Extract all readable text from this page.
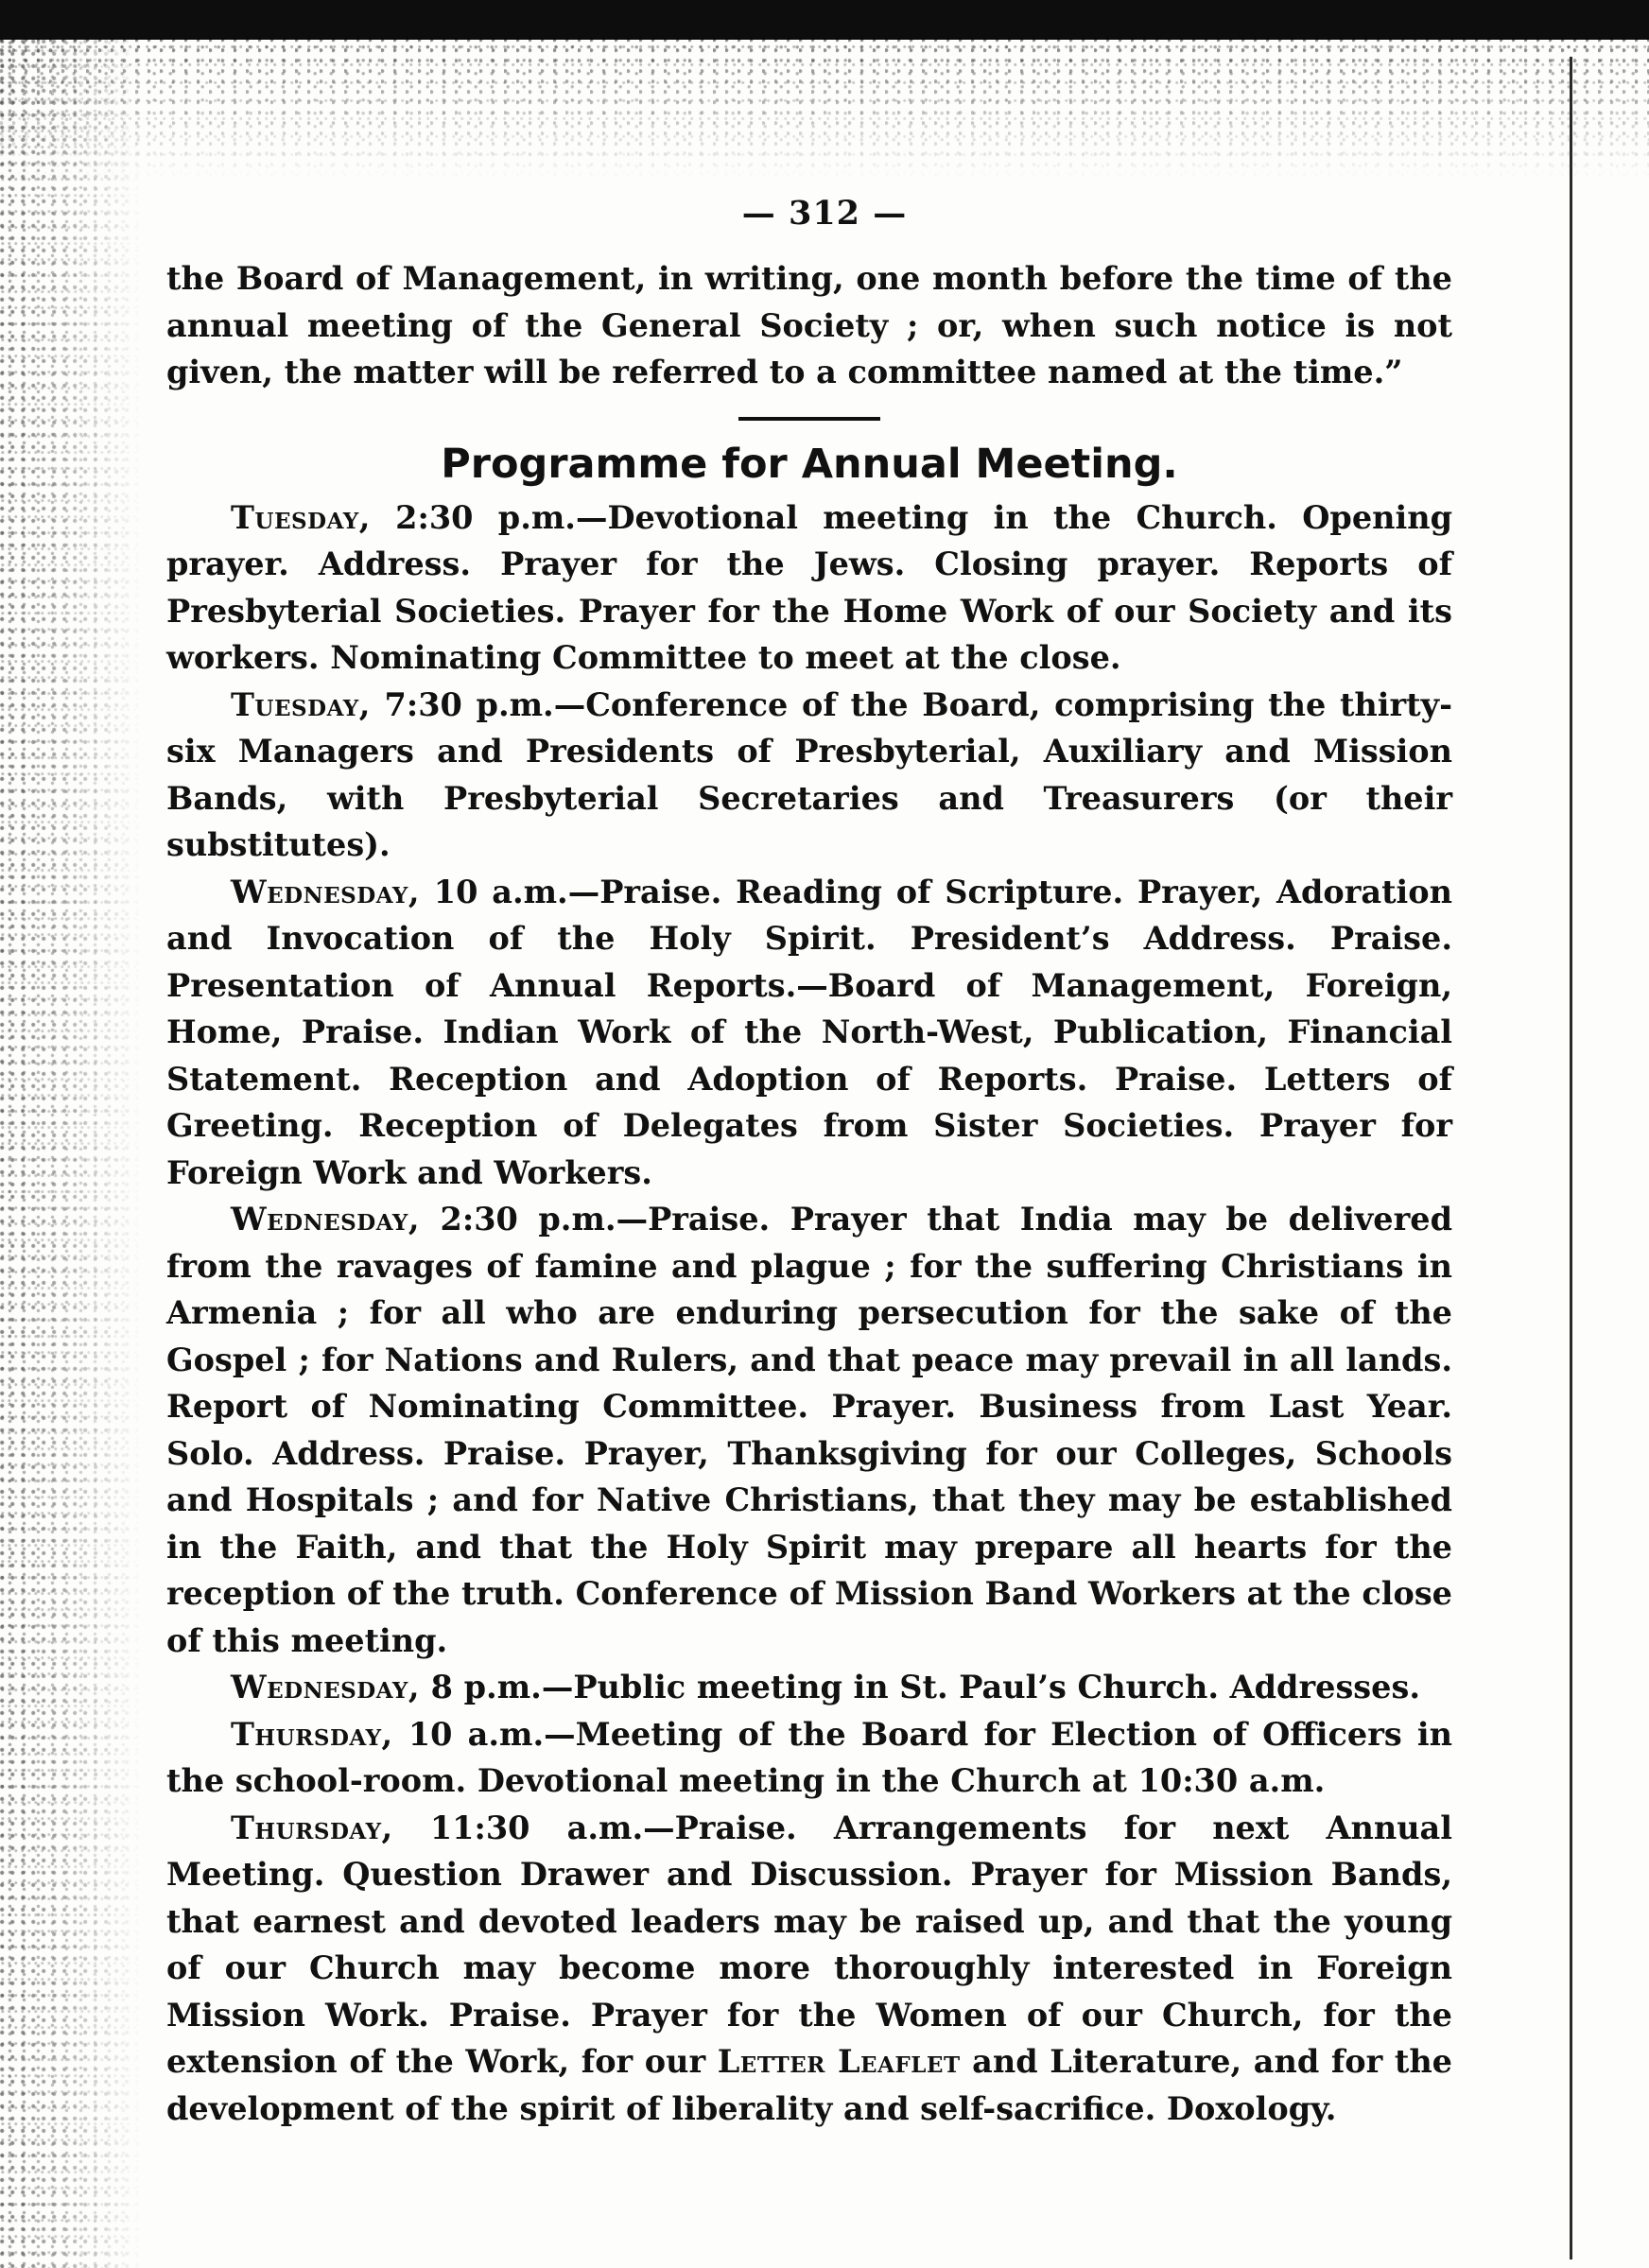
— 312 —

the Board of Management, in writing, one month before the time of the annual meeting of the General Society ; or, when such notice is not given, the matter will be referred to a committee named at the time.”

Programme for Annual Meeting.

Tuesday, 2:30 p.m.—Devotional meeting in the Church. Opening prayer. Address. Prayer for the Jews. Closing prayer. Reports of Presbyterial Societies. Prayer for the Home Work of our Society and its workers. Nominating Committee to meet at the close.

Tuesday, 7:30 p.m.—Conference of the Board, comprising the thirty-six Managers and Presidents of Presbyterial, Auxiliary and Mission Bands, with Presbyterial Secretaries and Treasurers (or their substitutes).

Wednesday, 10 a.m.—Praise. Reading of Scripture. Prayer, Adoration and Invocation of the Holy Spirit. President’s Address. Praise. Presentation of Annual Reports.—Board of Management, Foreign, Home, Praise. Indian Work of the North-West, Publication, Financial Statement. Reception and Adoption of Reports. Praise. Letters of Greeting. Reception of Delegates from Sister Societies. Prayer for Foreign Work and Workers.

Wednesday, 2:30 p.m.—Praise. Prayer that India may be delivered from the ravages of famine and plague ; for the suffering Christians in Armenia ; for all who are enduring persecution for the sake of the Gospel ; for Nations and Rulers, and that peace may prevail in all lands. Report of Nominating Committee. Prayer. Business from Last Year. Solo. Address. Praise. Prayer, Thanksgiving for our Colleges, Schools and Hospitals ; and for Native Christians, that they may be established in the Faith, and that the Holy Spirit may prepare all hearts for the reception of the truth. Conference of Mission Band Workers at the close of this meeting.

Wednesday, 8 p.m.—Public meeting in St. Paul’s Church. Addresses.

Thursday, 10 a.m.—Meeting of the Board for Election of Officers in the school-room. Devotional meeting in the Church at 10:30 a.m.

Thursday, 11:30 a.m.—Praise. Arrangements for next Annual Meeting. Question Drawer and Discussion. Prayer for Mission Bands, that earnest and devoted leaders may be raised up, and that the young of our Church may become more thoroughly interested in Foreign Mission Work. Praise. Prayer for the Women of our Church, for the extension of the Work, for our Letter Leaflet and Literature, and for the development of the spirit of liberality and self-sacrifice. Doxology.
